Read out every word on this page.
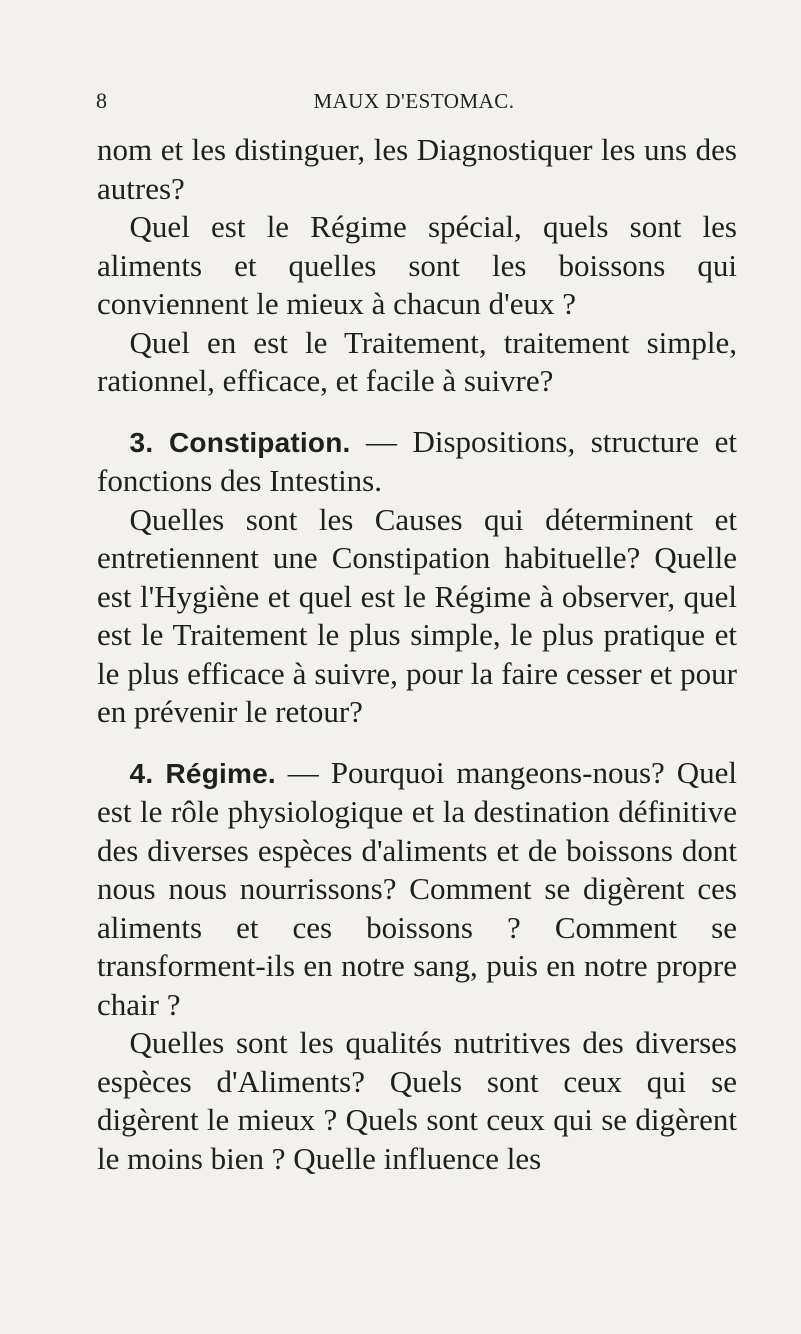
8	MAUX D'ESTOMAC.

nom et les distinguer, les Diagnostiquer les uns des autres?

Quel est le Régime spécial, quels sont les aliments et quelles sont les boissons qui conviennent le mieux à chacun d'eux ?

Quel en est le Traitement, traitement simple, rationnel, efficace, et facile à suivre?

3. Constipation. — Dispositions, structure et fonctions des Intestins.

Quelles sont les Causes qui déterminent et entretiennent une Constipation habituelle? Quelle est l'Hygiène et quel est le Régime à observer, quel est le Traitement le plus simple, le plus pratique et le plus efficace à suivre, pour la faire cesser et pour en prévenir le retour?

4. Régime. — Pourquoi mangeons-nous? Quel est le rôle physiologique et la destination définitive des diverses espèces d'aliments et de boissons dont nous nous nourrissons? Comment se digèrent ces aliments et ces boissons ? Comment se transforment-ils en notre sang, puis en notre propre chair ?

Quelles sont les qualités nutritives des diverses espèces d'Aliments? Quels sont ceux qui se digèrent le mieux ? Quels sont ceux qui se digèrent le moins bien ? Quelle influence les
